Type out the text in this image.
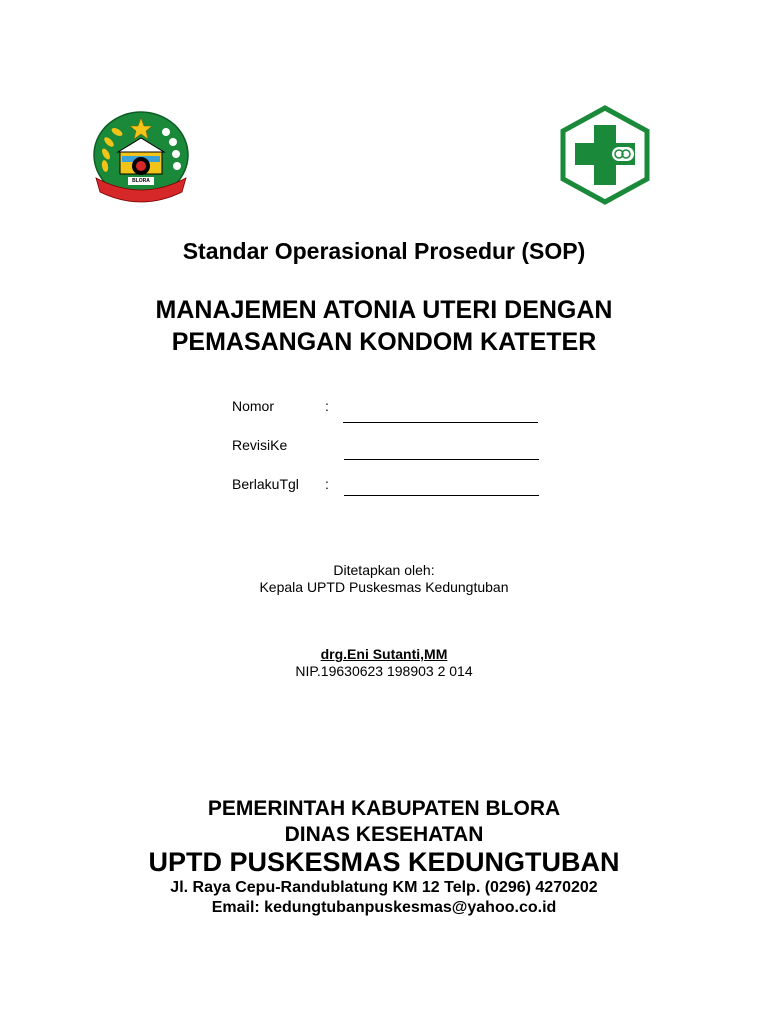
BLORA
Standar Operasional Prosedur (SOP)
MANAJEMEN ATONIA UTERI DENGAN
PEMASANGAN KONDOM KATETER
Nomor	:
RevisiKe
BerlakuTgl :
Ditetapkan oleh:
Kepala UPTD Puskesmas Kedungtuban
drg.Eni Sutanti,MM
NIP.19630623 198903 2 014
PEMERINTAH KABUPATEN BLORA
DINAS KESEHATAN
UPTD PUSKESMAS KEDUNGTUBAN
Jl. Raya Cepu-Randublatung KM 12 Telp. (0296) 4270202
Email: kedungtubanpuskesmas@yahoo.co.id
